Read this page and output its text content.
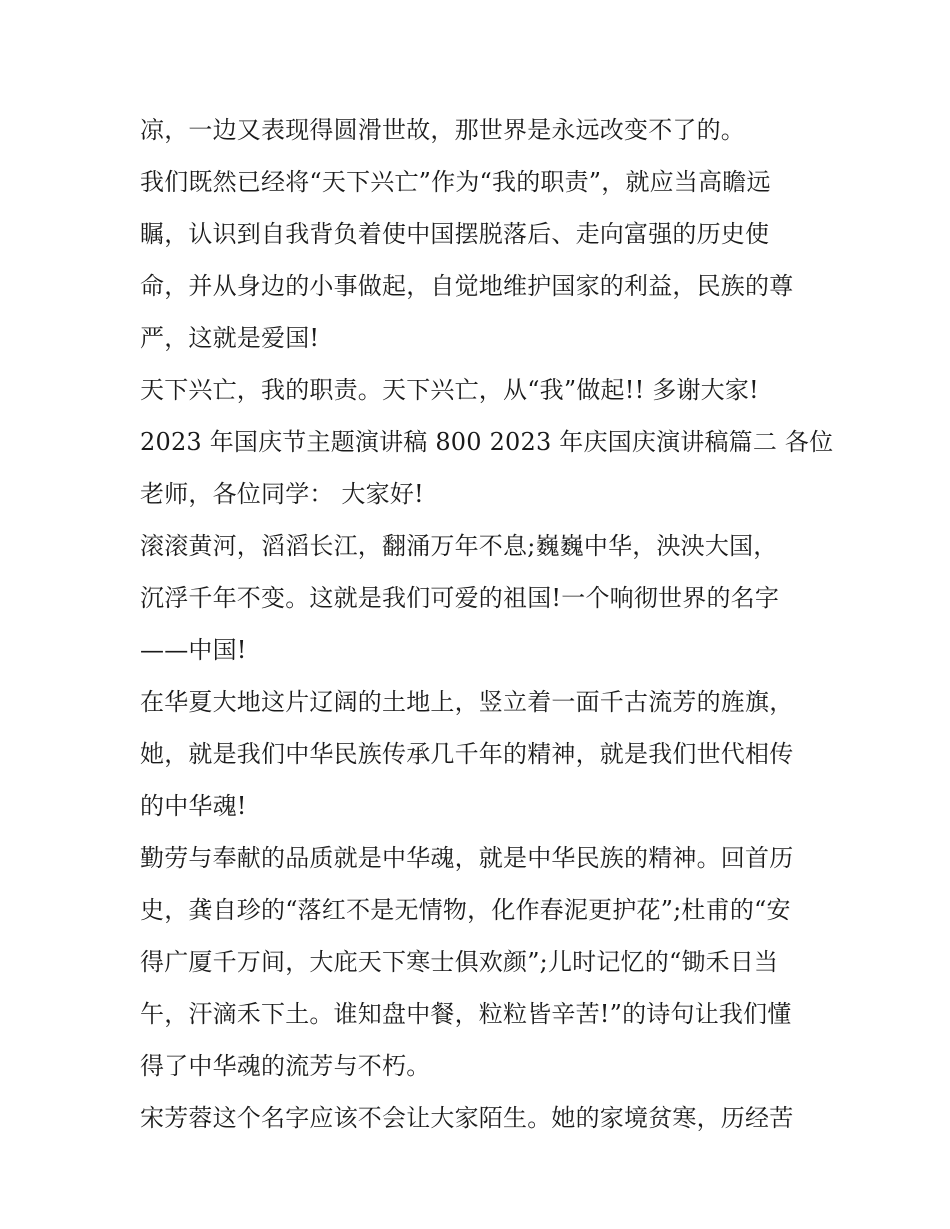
凉，一边又表现得圆滑世故，那世界是永远改变不了的。
我们既然已经将“天下兴亡”作为“我的职责”，就应当高瞻远
瞩，认识到自我背负着使中国摆脱落后、走向富强的历史使
命，并从身边的小事做起，自觉地维护国家的利益，民族的尊
严，这就是爱国!
天下兴亡，我的职责。天下兴亡，从“我”做起!! 多谢大家!
2023 年国庆节主题演讲稿 800 2023 年庆国庆演讲稿篇二 各位
老师，各位同学： 大家好!
滚滚黄河，滔滔长江，翻涌万年不息;巍巍中华，泱泱大国，
沉浮千年不变。这就是我们可爱的祖国!一个响彻世界的名字
——中国!
在华夏大地这片辽阔的土地上，竖立着一面千古流芳的旌旗，
她，就是我们中华民族传承几千年的精神，就是我们世代相传
的中华魂!
勤劳与奉献的品质就是中华魂，就是中华民族的精神。回首历
史，龚自珍的“落红不是无情物，化作春泥更护花”;杜甫的“安
得广厦千万间，大庇天下寒士俱欢颜”;儿时记忆的“锄禾日当
午，汗滴禾下土。谁知盘中餐，粒粒皆辛苦!”的诗句让我们懂
得了中华魂的流芳与不朽。
宋芳蓉这个名字应该不会让大家陌生。她的家境贫寒，历经苦
